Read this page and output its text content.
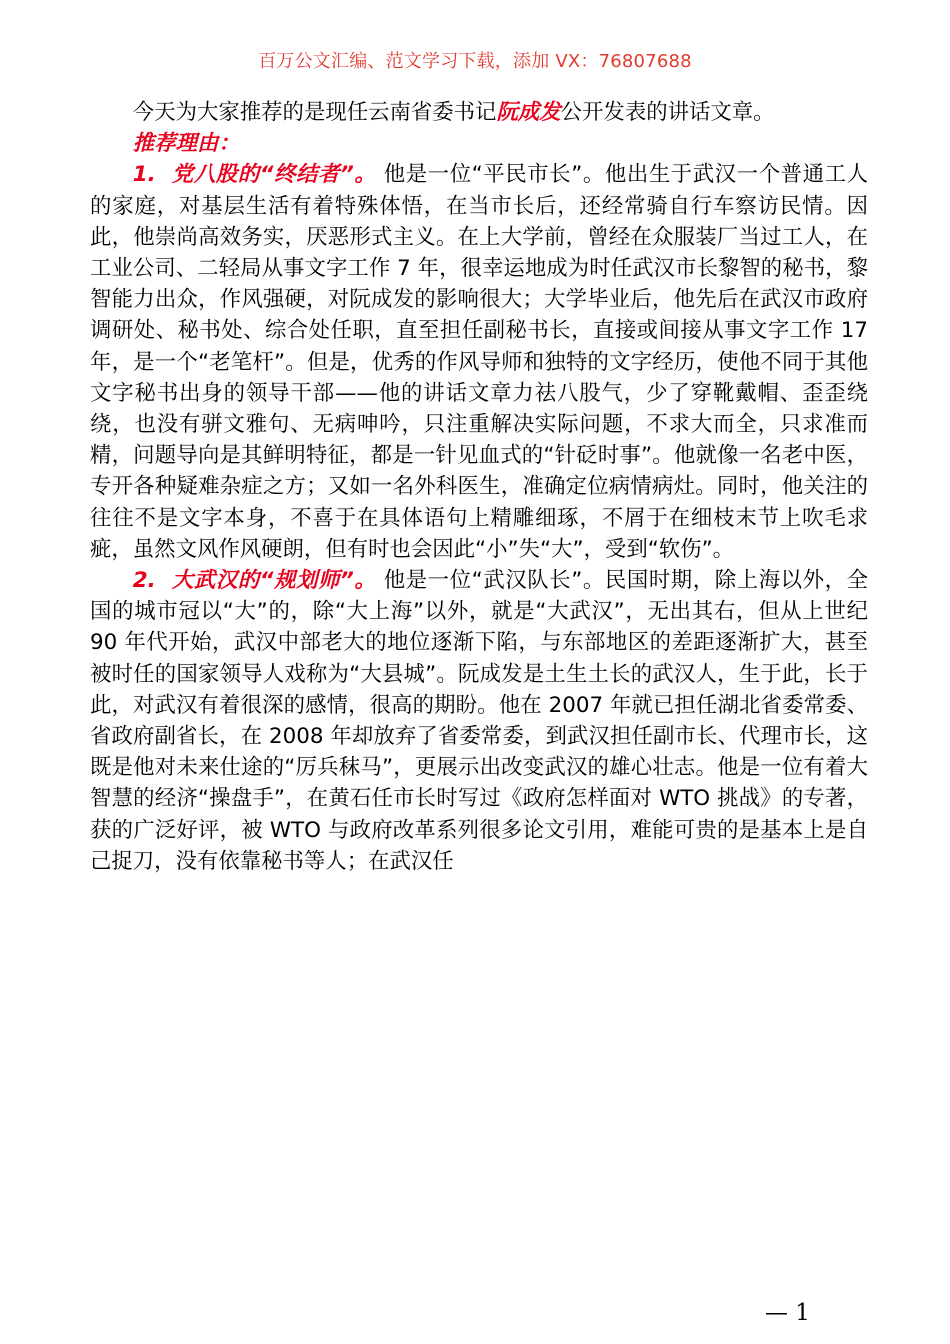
百万公文汇编、范文学习下载，添加 VX：76807688

今天为大家推荐的是现任云南省委书记阮成发公开发表的讲话文章。

推荐理由：

1. 党八股的“终结者”。 他是一位“平民市长”。他出生于武汉一个普通工人的家庭，对基层生活有着特殊体悟，在当市长后，还经常骑自行车察访民情。因此，他崇尚高效务实，厌恶形式主义。在上大学前，曾经在众服装厂当过工人，在工业公司、二轻局从事文字工作 7 年，很幸运地成为时任武汉市长黎智的秘书，黎智能力出众，作风强硬，对阮成发的影响很大；大学毕业后，他先后在武汉市政府调研处、秘书处、综合处任职，直至担任副秘书长，直接或间接从事文字工作 17 年，是一个“老笔杆”。但是，优秀的作风导师和独特的文字经历，使他不同于其他文字秘书出身的领导干部——他的讲话文章力祛八股气，少了穿靴戴帽、歪歪绕绕，也没有骈文雅句、无病呻吟，只注重解决实际问题，不求大而全，只求准而精，问题导向是其鲜明特征，都是一针见血式的“针砭时事”。他就像一名老中医，专开各种疑难杂症之方；又如一名外科医生，准确定位病情病灶。同时，他关注的往往不是文字本身，不喜于在具体语句上精雕细琢，不屑于在细枝末节上吹毛求疵，虽然文风作风硬朗，但有时也会因此“小”失“大”，受到“软伤”。

2. 大武汉的“规划师”。 他是一位“武汉队长”。民国时期，除上海以外，全国的城市冠以“大”的，除“大上海”以外，就是“大武汉”，无出其右，但从上世纪 90 年代开始，武汉中部老大的地位逐渐下陷，与东部地区的差距逐渐扩大，甚至被时任的国家领导人戏称为“大县城”。阮成发是土生土长的武汉人，生于此，长于此，对武汉有着很深的感情，很高的期盼。他在 2007 年就已担任湖北省委常委、省政府副省长，在 2008 年却放弃了省委常委，到武汉担任副市长、代理市长，这既是他对未来仕途的“厉兵秣马”，更展示出改变武汉的雄心壮志。他是一位有着大智慧的经济“操盘手”，在黄石任市长时写过《政府怎样面对 WTO 挑战》的专著，获的广泛好评，被 WTO 与政府改革系列很多论文引用，难能可贵的是基本上是自己捉刀，没有依靠秘书等人；在武汉任

— 1
